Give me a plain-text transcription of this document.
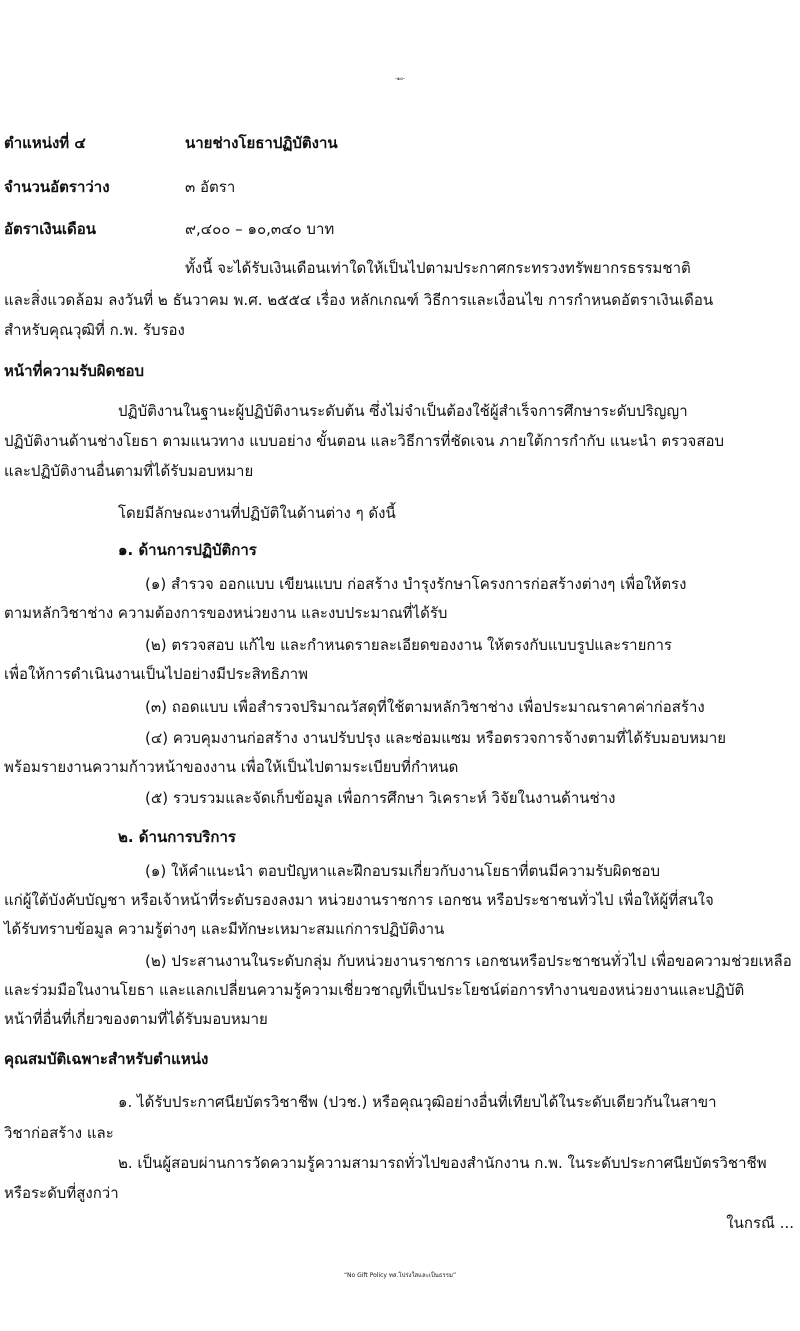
-๑๐-
ตำแหน่งที่ ๔	นายช่างโยธาปฏิบัติงาน
จำนวนอัตราว่าง	๓ อัตรา
อัตราเงินเดือน	๙,๔๐๐ – ๑๐,๓๔๐ บาท
ทั้งนี้ จะได้รับเงินเดือนเท่าใดให้เป็นไปตามประกาศกระทรวงทรัพยากรธรรมชาติ
และสิ่งแวดล้อม ลงวันที่ ๒ ธันวาคม พ.ศ. ๒๕๕๔ เรื่อง หลักเกณฑ์ วิธีการและเงื่อนไข การกำหนดอัตราเงินเดือน
สำหรับคุณวุฒิที่ ก.พ. รับรอง
หน้าที่ความรับผิดชอบ
ปฏิบัติงานในฐานะผู้ปฏิบัติงานระดับต้น ซึ่งไม่จำเป็นต้องใช้ผู้สำเร็จการศึกษาระดับปริญญา
ปฏิบัติงานด้านช่างโยธา ตามแนวทาง แบบอย่าง ขั้นตอน และวิธีการที่ชัดเจน ภายใต้การกำกับ แนะนำ ตรวจสอบ
และปฏิบัติงานอื่นตามที่ได้รับมอบหมาย
โดยมีลักษณะงานที่ปฏิบัติในด้านต่าง ๆ ดังนี้
๑. ด้านการปฏิบัติการ
(๑) สำรวจ ออกแบบ เขียนแบบ ก่อสร้าง บำรุงรักษาโครงการก่อสร้างต่างๆ เพื่อให้ตรง
ตามหลักวิชาช่าง ความต้องการของหน่วยงาน และงบประมาณที่ได้รับ
(๒) ตรวจสอบ แก้ไข และกำหนดรายละเอียดของงาน ให้ตรงกับแบบรูปและรายการ
เพื่อให้การดำเนินงานเป็นไปอย่างมีประสิทธิภาพ
(๓) ถอดแบบ เพื่อสำรวจปริมาณวัสดุที่ใช้ตามหลักวิชาช่าง เพื่อประมาณราคาค่าก่อสร้าง
(๔) ควบคุมงานก่อสร้าง งานปรับปรุง และซ่อมแซม หรือตรวจการจ้างตามที่ได้รับมอบหมาย
พร้อมรายงานความก้าวหน้าของงาน เพื่อให้เป็นไปตามระเบียบที่กำหนด
(๕) รวบรวมและจัดเก็บข้อมูล เพื่อการศึกษา วิเคราะห์ วิจัยในงานด้านช่าง
๒. ด้านการบริการ
(๑) ให้คำแนะนำ ตอบปัญหาและฝึกอบรมเกี่ยวกับงานโยธาที่ตนมีความรับผิดชอบ
แก่ผู้ใต้บังคับบัญชา หรือเจ้าหน้าที่ระดับรองลงมา หน่วยงานราชการ เอกชน หรือประชาชนทั่วไป เพื่อให้ผู้ที่สนใจ
ได้รับทราบข้อมูล ความรู้ต่างๆ และมีทักษะเหมาะสมแก่การปฏิบัติงาน
(๒) ประสานงานในระดับกลุ่ม กับหน่วยงานราชการ เอกชนหรือประชาชนทั่วไป เพื่อขอความช่วยเหลือ
และร่วมมือในงานโยธา และแลกเปลี่ยนความรู้ความเชี่ยวชาญที่เป็นประโยชน์ต่อการทำงานของหน่วยงานและปฏิบัติ
หน้าที่อื่นที่เกี่ยวของตามที่ได้รับมอบหมาย
คุณสมบัติเฉพาะสำหรับตำแหน่ง
๑. ได้รับประกาศนียบัตรวิชาชีพ (ปวช.) หรือคุณวุฒิอย่างอื่นที่เทียบได้ในระดับเดียวกันในสาขา
วิชาก่อสร้าง และ
๒. เป็นผู้สอบผ่านการวัดความรู้ความสามารถทั่วไปของสำนักงาน ก.พ. ในระดับประกาศนียบัตรวิชาชีพ
หรือระดับที่สูงกว่า
ในกรณี ...
“No Gift Policy ทส.โปร่งใสและเป็นธรรม”
